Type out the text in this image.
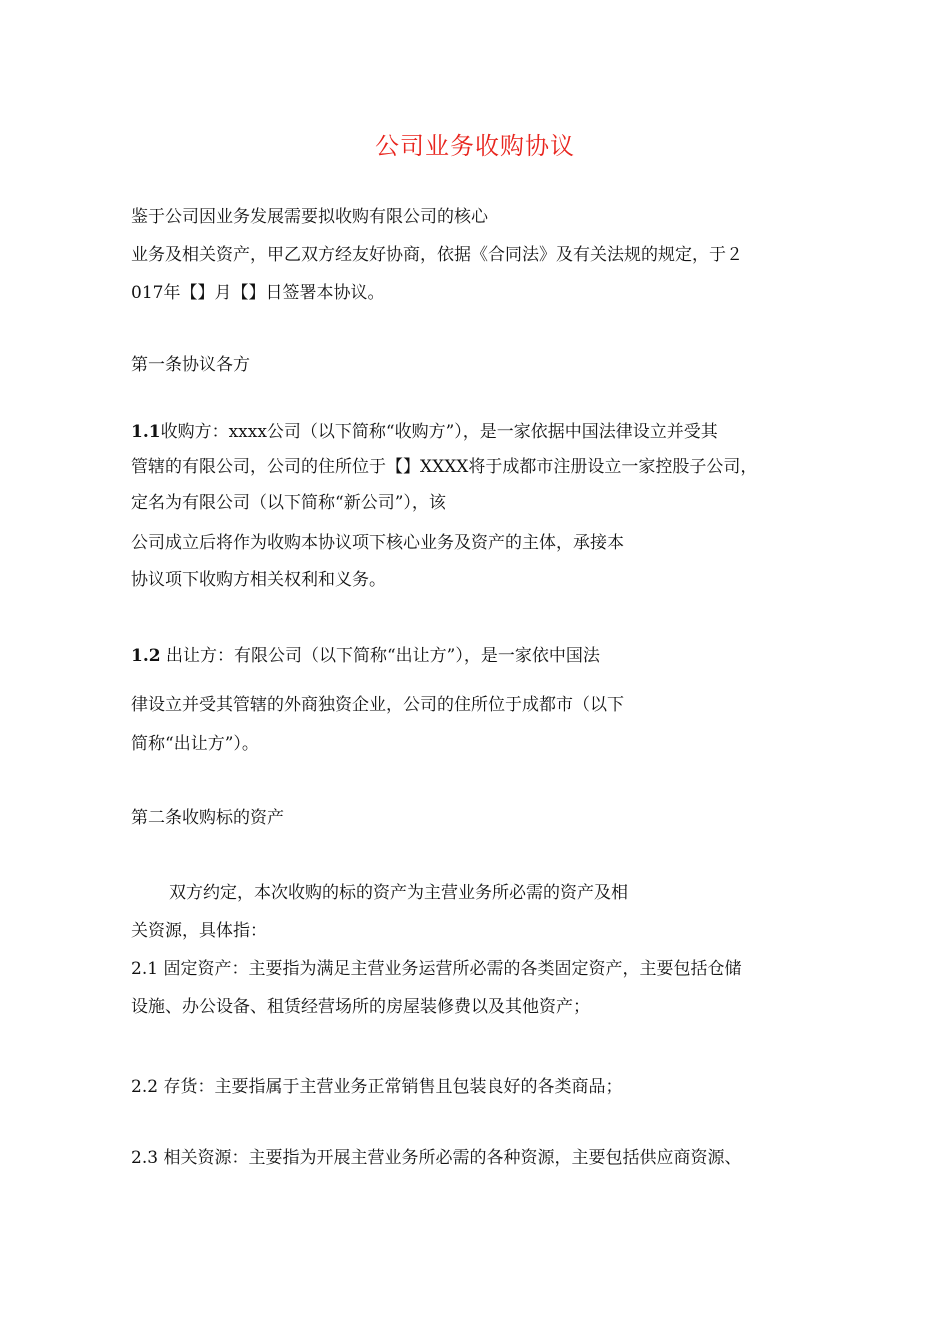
公司业务收购协议
鉴于公司因业务发展需要拟收购有限公司的核心
业务及相关资产，甲乙双方经友好协商，依据《合同法》及有关法规的规定，于２
017年【】月【】日签署本协议。
第一条协议各方
1.1收购方：xxxx公司（以下简称“收购方”），是一家依据中国法律设立并受其
管辖的有限公司，公司的住所位于【】XXXX将于成都市注册设立一家控股子公司，
定名为有限公司（以下简称“新公司”），该
公司成立后将作为收购本协议项下核心业务及资产的主体，承接本
协议项下收购方相关权利和义务。
1.2 出让方：有限公司（以下简称“出让方”），是一家依中国法
律设立并受其管辖的外商独资企业，公司的住所位于成都市（以下
简称“出让方”）。
第二条收购标的资产
双方约定，本次收购的标的资产为主营业务所必需的资产及相
关资源，具体指：
2.1 固定资产：主要指为满足主营业务运营所必需的各类固定资产，主要包括仓储
设施、办公设备、租赁经营场所的房屋装修费以及其他资产；
2.2 存货：主要指属于主营业务正常销售且包装良好的各类商品；
2.3 相关资源：主要指为开展主营业务所必需的各种资源，主要包括供应商资源、
